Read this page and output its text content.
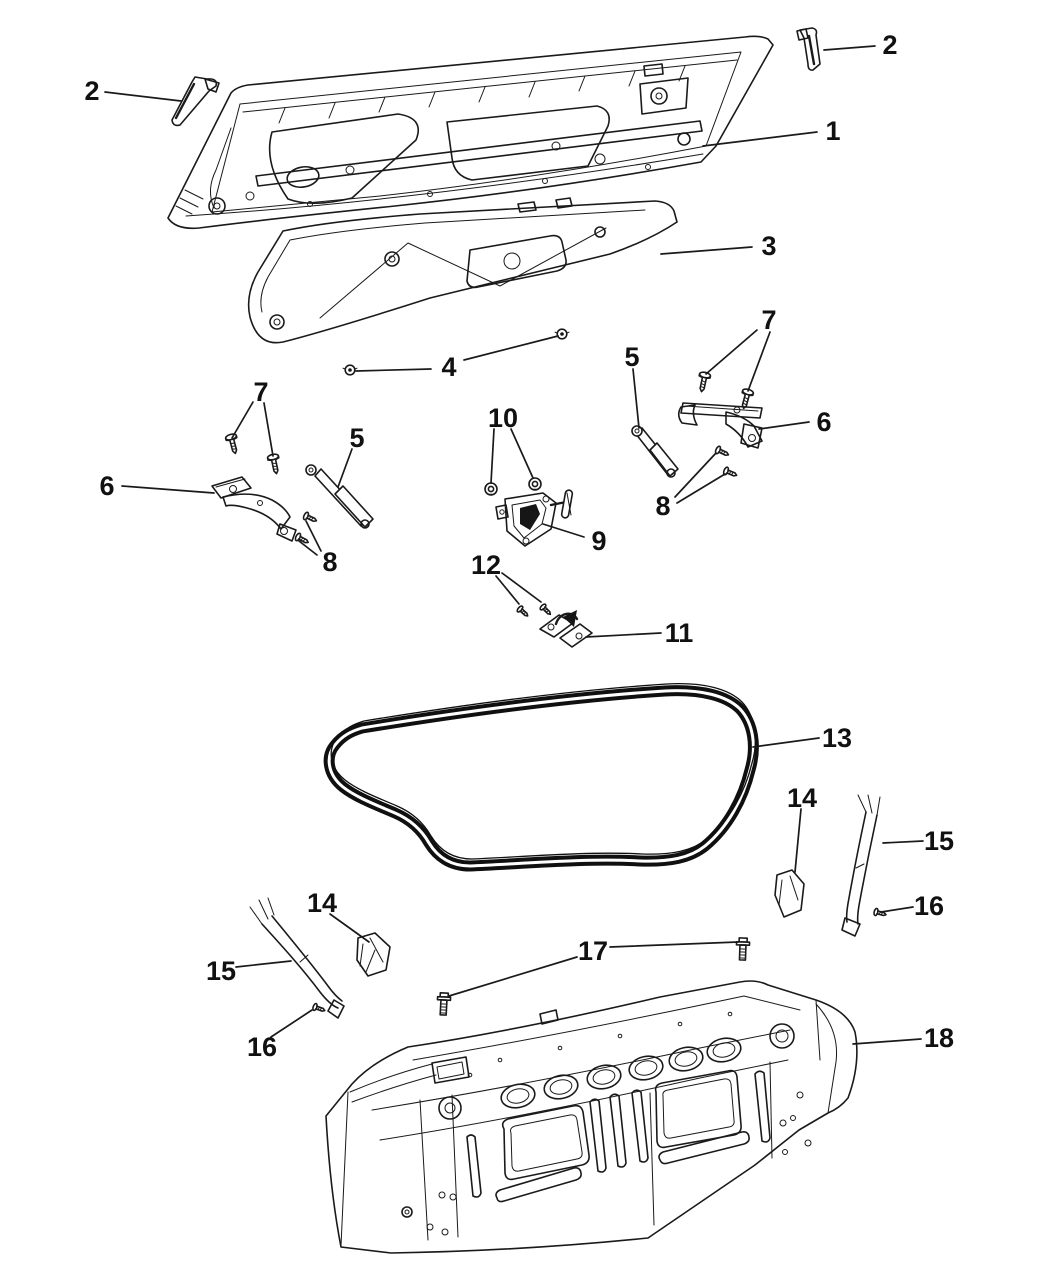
1
2
2
3
4
5
5
6
6
7
7
8
8
9
10
11
12
13
14
14
15
15
16
16
17
18
